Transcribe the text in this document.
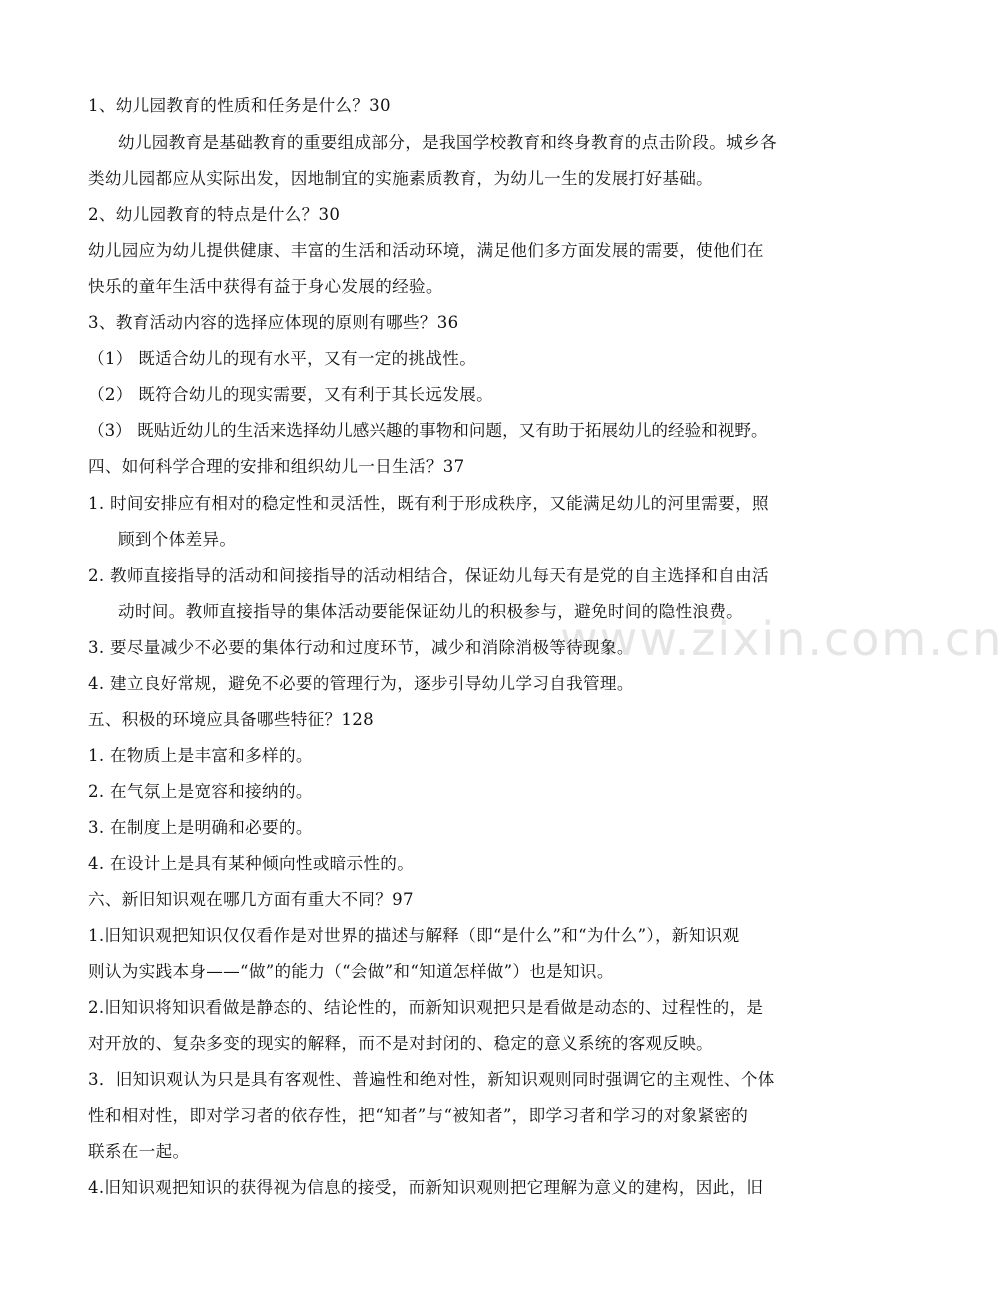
www.zixin.com.cn
1、幼儿园教育的性质和任务是什么？30
幼儿园教育是基础教育的重要组成部分，是我国学校教育和终身教育的点击阶段。城乡各
类幼儿园都应从实际出发，因地制宜的实施素质教育，为幼儿一生的发展打好基础。
2、幼儿园教育的特点是什么？30
幼儿园应为幼儿提供健康、丰富的生活和活动环境，满足他们多方面发展的需要，使他们在
快乐的童年生活中获得有益于身心发展的经验。
3、教育活动内容的选择应体现的原则有哪些？36
（1） 既适合幼儿的现有水平，又有一定的挑战性。
（2） 既符合幼儿的现实需要，又有利于其长远发展。
（3） 既贴近幼儿的生活来选择幼儿感兴趣的事物和问题，又有助于拓展幼儿的经验和视野。
四、如何科学合理的安排和组织幼儿一日生活？37
1. 时间安排应有相对的稳定性和灵活性，既有利于形成秩序，又能满足幼儿的河里需要，照
顾到个体差异。
2. 教师直接指导的活动和间接指导的活动相结合，保证幼儿每天有是党的自主选择和自由活
动时间。教师直接指导的集体活动要能保证幼儿的积极参与，避免时间的隐性浪费。
3. 要尽量减少不必要的集体行动和过度环节，减少和消除消极等待现象。
4. 建立良好常规，避免不必要的管理行为，逐步引导幼儿学习自我管理。
五、积极的环境应具备哪些特征？128
1. 在物质上是丰富和多样的。
2. 在气氛上是宽容和接纳的。
3. 在制度上是明确和必要的。
4. 在设计上是具有某种倾向性或暗示性的。
六、新旧知识观在哪几方面有重大不同？97
1.旧知识观把知识仅仅看作是对世界的描述与解释（即“是什么”和“为什么”），新知识观
则认为实践本身——“做”的能力（“会做”和“知道怎样做”）也是知识。
2.旧知识将知识看做是静态的、结论性的，而新知识观把只是看做是动态的、过程性的，是
对开放的、复杂多变的现实的解释，而不是对封闭的、稳定的意义系统的客观反映。
3．旧知识观认为只是具有客观性、普遍性和绝对性，新知识观则同时强调它的主观性、个体
性和相对性，即对学习者的依存性，把“知者”与“被知者”，即学习者和学习的对象紧密的
联系在一起。
4.旧知识观把知识的获得视为信息的接受，而新知识观则把它理解为意义的建构，因此，旧
